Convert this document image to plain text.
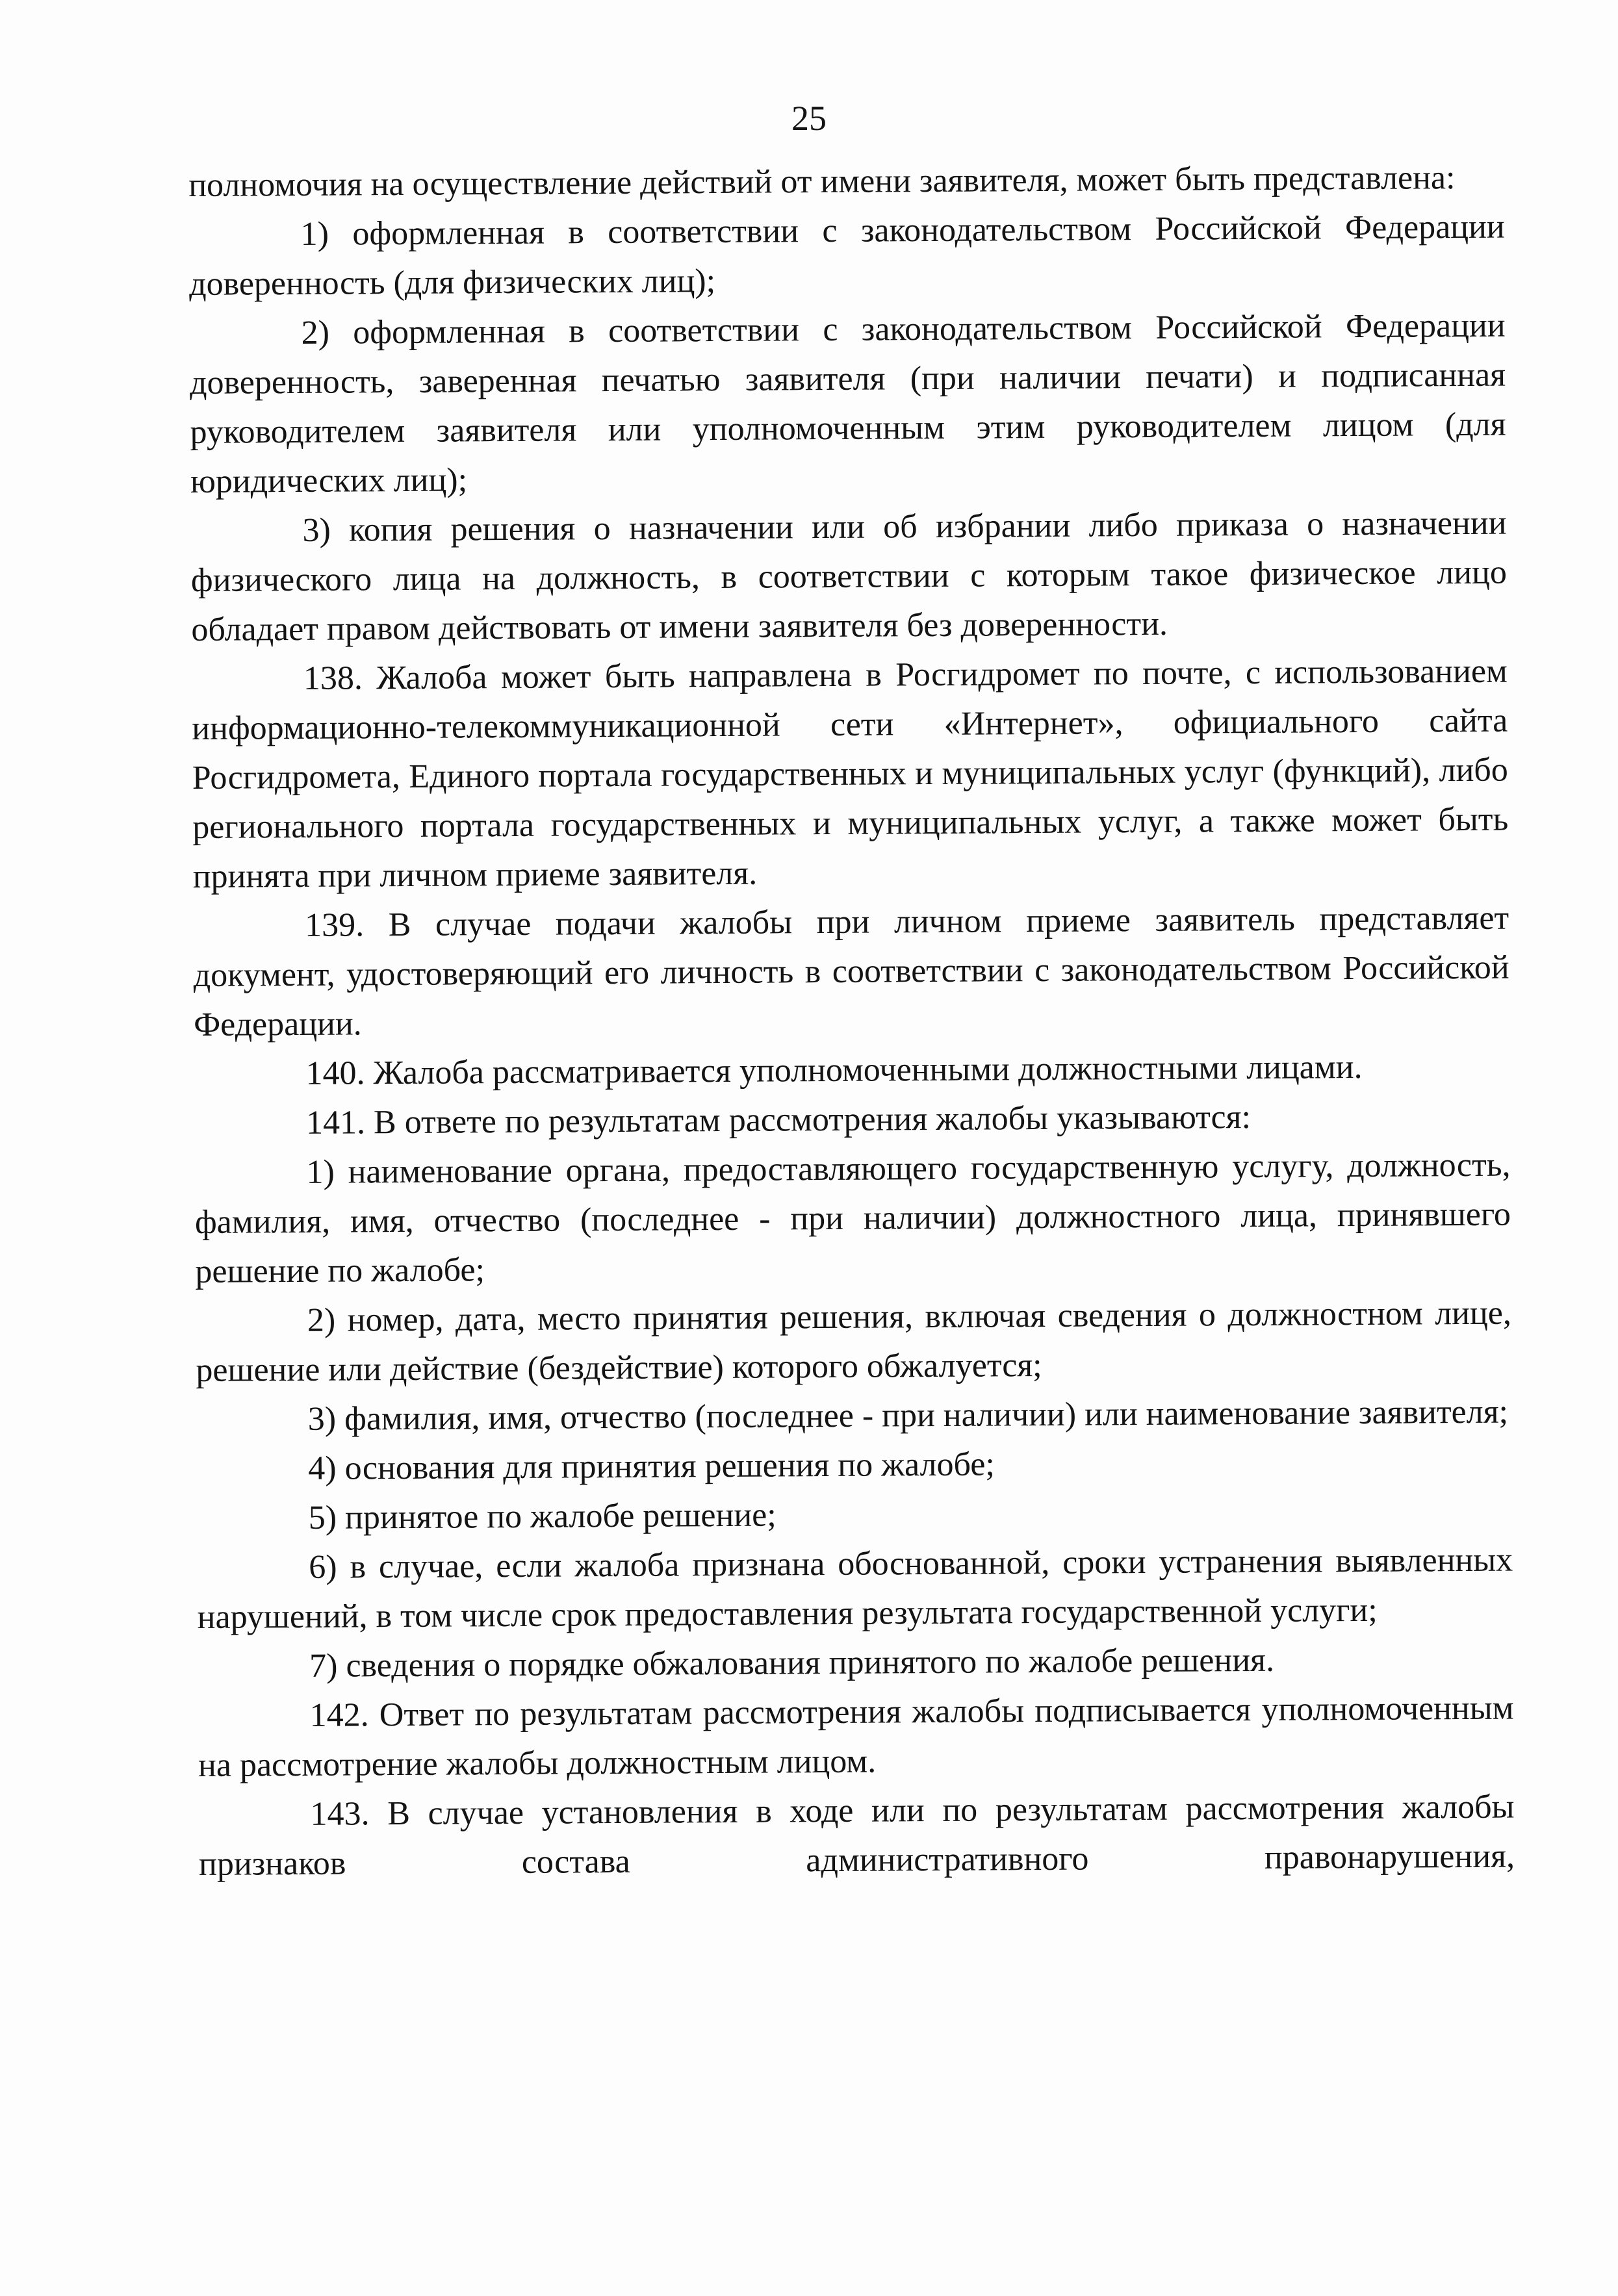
25

полномочия на осуществление действий от имени заявителя, может быть представлена:

1) оформленная в соответствии с законодательством Российской Федерации доверенность (для физических лиц);

2) оформленная в соответствии с законодательством Российской Федерации доверенность, заверенная печатью заявителя (при наличии печати) и подписанная руководителем заявителя или уполномоченным этим руководителем лицом (для юридических лиц);

3) копия решения о назначении или об избрании либо приказа о назначении физического лица на должность, в соответствии с которым такое физическое лицо обладает правом действовать от имени заявителя без доверенности.

138. Жалоба может быть направлена в Росгидромет по почте, с использованием информационно-телекоммуникационной сети «Интернет», официального сайта Росгидромета, Единого портала государственных и муниципальных услуг (функций), либо регионального портала государственных и муниципальных услуг, а также может быть принята при личном приеме заявителя.

139. В случае подачи жалобы при личном приеме заявитель представляет документ, удостоверяющий его личность в соответствии с законодательством Российской Федерации.

140. Жалоба рассматривается уполномоченными должностными лицами.

141. В ответе по результатам рассмотрения жалобы указываются:

1) наименование органа, предоставляющего государственную услугу, должность, фамилия, имя, отчество (последнее - при наличии) должностного лица, принявшего решение по жалобе;

2) номер, дата, место принятия решения, включая сведения о должностном лице, решение или действие (бездействие) которого обжалуется;

3) фамилия, имя, отчество (последнее - при наличии) или наименование заявителя;

4) основания для принятия решения по жалобе;

5) принятое по жалобе решение;

6) в случае, если жалоба признана обоснованной, сроки устранения выявленных нарушений, в том числе срок предоставления результата государственной услуги;

7) сведения о порядке обжалования принятого по жалобе решения.

142. Ответ по результатам рассмотрения жалобы подписывается уполномоченным на рассмотрение жалобы должностным лицом.

143. В случае установления в ходе или по результатам рассмотрения жалобы признаков состава административного правонарушения,
